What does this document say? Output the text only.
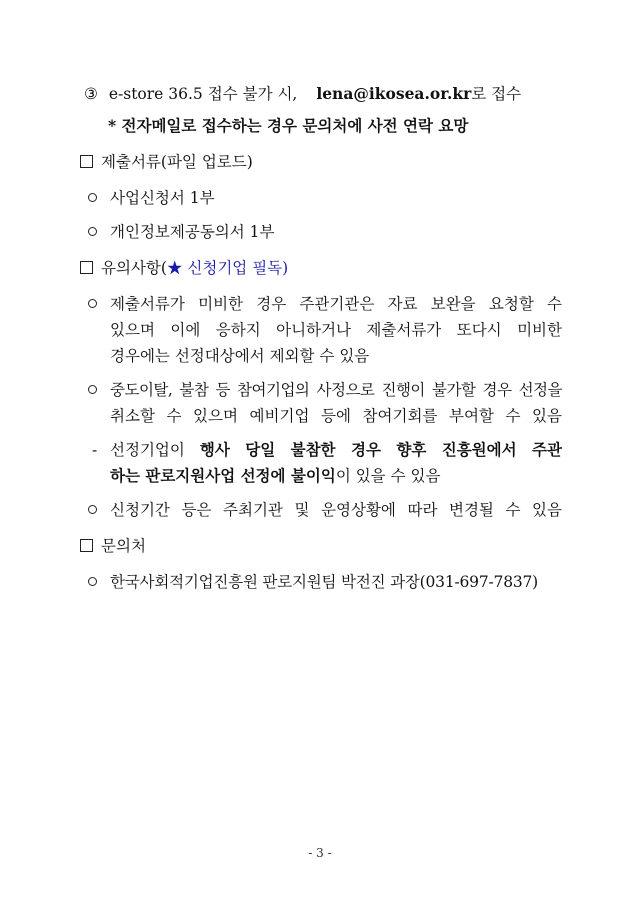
③ e-store 36.5 접수 불가 시, lena@ikosea.or.kr로 접수
* 전자메일로 접수하는 경우 문의처에 사전 연락 요망
제출서류(파일 업로드)
사업신청서 1부
개인정보제공동의서 1부
유의사항(★ 신청기업 필독)
제출서류가 미비한 경우 주관기관은 자료 보완을 요청할 수
있으며 이에 응하지 아니하거나 제출서류가 또다시 미비한
경우에는 선정대상에서 제외할 수 있음
중도이탈, 불참 등 참여기업의 사정으로 진행이 불가할 경우 선정을
취소할 수 있으며 예비기업 등에 참여기회를 부여할 수 있음
- 선정기업이 행사 당일 불참한 경우 향후 진흥원에서 주관
하는 판로지원사업 선정에 불이익이 있을 수 있음
신청기간 등은 주최기관 및 운영상황에 따라 변경될 수 있음
문의처
한국사회적기업진흥원 판로지원팀 박전진 과장(031-697-7837)
- 3 -
